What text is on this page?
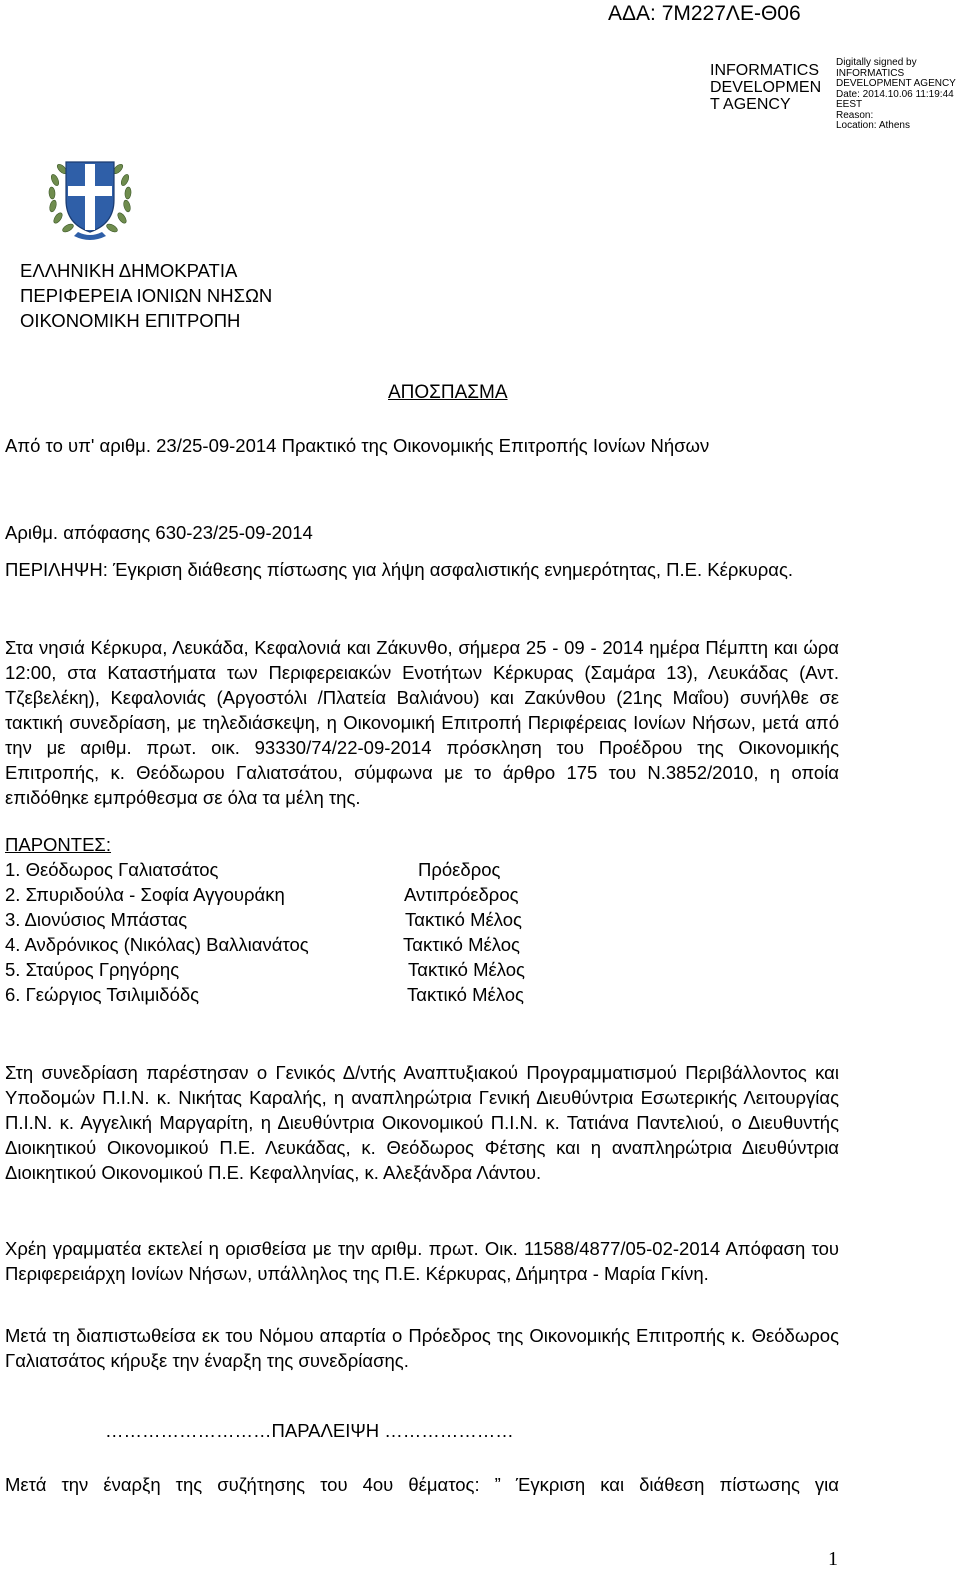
ΑΔΑ: 7Μ227ΛΕ-Θ06
INFORMATICS DEVELOPMEN T AGENCY
Digitally signed by
INFORMATICS
DEVELOPMENT AGENCY
Date: 2014.10.06 11:19:44
EEST
Reason:
Location: Athens
ΕΛΛΗΝΙΚΗ ΔΗΜΟΚΡΑΤΙΑ
ΠΕΡΙΦΕΡΕΙΑ ΙΟΝΙΩΝ ΝΗΣΩΝ
ΟΙΚΟΝΟΜΙΚΗ ΕΠΙΤΡΟΠΗ
ΑΠΟΣΠΑΣΜΑ
Από το υπ' αριθμ. 23/25-09-2014 Πρακτικό της Οικονομικής Επιτροπής Ιονίων Νήσων
Αριθμ. απόφασης 630-23/25-09-2014
ΠΕΡΙΛΗΨΗ: Έγκριση διάθεσης πίστωσης για λήψη ασφαλιστικής ενημερότητας, Π.Ε. Κέρκυρας.
Στα νησιά Κέρκυρα, Λευκάδα, Κεφαλονιά και Ζάκυνθο, σήμερα 25 - 09 - 2014 ημέρα Πέμπτη και ώρα 12:00, στα Καταστήματα των Περιφερειακών Ενοτήτων Κέρκυρας (Σαμάρα 13), Λευκάδας (Αντ. Τζεβελέκη), Κεφαλονιάς (Αργοστόλι /Πλατεία Βαλιάνου) και Ζακύνθου (21ης Μαΐου) συνήλθε σε τακτική συνεδρίαση, με τηλεδιάσκεψη, η Οικονομική Επιτροπή Περιφέρειας Ιονίων Νήσων, μετά από την με αριθμ. πρωτ. οικ. 93330/74/22-09-2014 πρόσκληση του Προέδρου της Οικονομικής Επιτροπής, κ. Θεόδωρου Γαλιατσάτου, σύμφωνα με το άρθρο 175 του Ν.3852/2010, η οποία επιδόθηκε εμπρόθεσμα σε όλα τα μέλη της.
ΠΑΡΟΝΤΕΣ:
1. Θεόδωρος Γαλιατσάτος	Πρόεδρος
2. Σπυριδούλα - Σοφία Αγγουράκη	Αντιπρόεδρος
3. Διονύσιος Μπάστας	Τακτικό Μέλος
4. Ανδρόνικος (Νικόλας) Βαλλιανάτος	Τακτικό Μέλος
5. Σταύρος Γρηγόρης	Τακτικό Μέλος
6. Γεώργιος Τσιλιμιδόδς	Τακτικό Μέλος
Στη συνεδρίαση παρέστησαν ο Γενικός Δ/ντής Αναπτυξιακού Προγραμματισμού Περιβάλλοντος και Υποδομών Π.Ι.Ν. κ. Νικήτας Καραλής, η αναπληρώτρια Γενική Διευθύντρια Εσωτερικής Λειτουργίας Π.Ι.Ν. κ. Αγγελική Μαργαρίτη, η Διευθύντρια Οικονομικού Π.Ι.Ν. κ. Τατιάνα Παντελιού, ο Διευθυντής Διοικητικού Οικονομικού Π.Ε. Λευκάδας, κ. Θεόδωρος Φέτσης και η αναπληρώτρια Διευθύντρια Διοικητικού Οικονομικού Π.Ε. Κεφαλληνίας, κ. Αλεξάνδρα Λάντου.
Χρέη γραμματέα εκτελεί η ορισθείσα με την αριθμ. πρωτ. Οικ. 11588/4877/05-02-2014 Απόφαση του Περιφερειάρχη Ιονίων Νήσων, υπάλληλος της Π.Ε. Κέρκυρας, Δήμητρα - Μαρία Γκίνη.
Μετά τη διαπιστωθείσα εκ του Νόμου απαρτία ο Πρόεδρος της Οικονομικής Επιτροπής κ. Θεόδωρος Γαλιατσάτος κήρυξε την έναρξη της συνεδρίασης.
………………………ΠΑΡΑΛΕΙΨΗ …………………
Μετά την έναρξη της συζήτησης του 4ου θέματος: ” Έγκριση και διάθεση πίστωσης για
1
